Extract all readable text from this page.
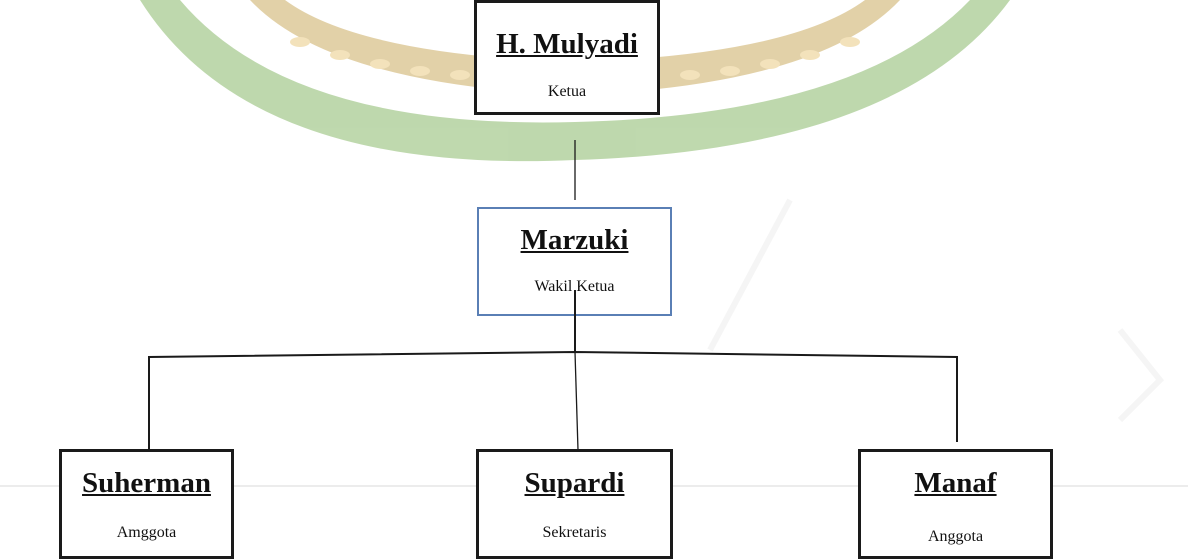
H. Mulyadi
Ketua
Marzuki
Wakil Ketua
Suherman
Amggota
Supardi
Sekretaris
Manaf
Anggota
